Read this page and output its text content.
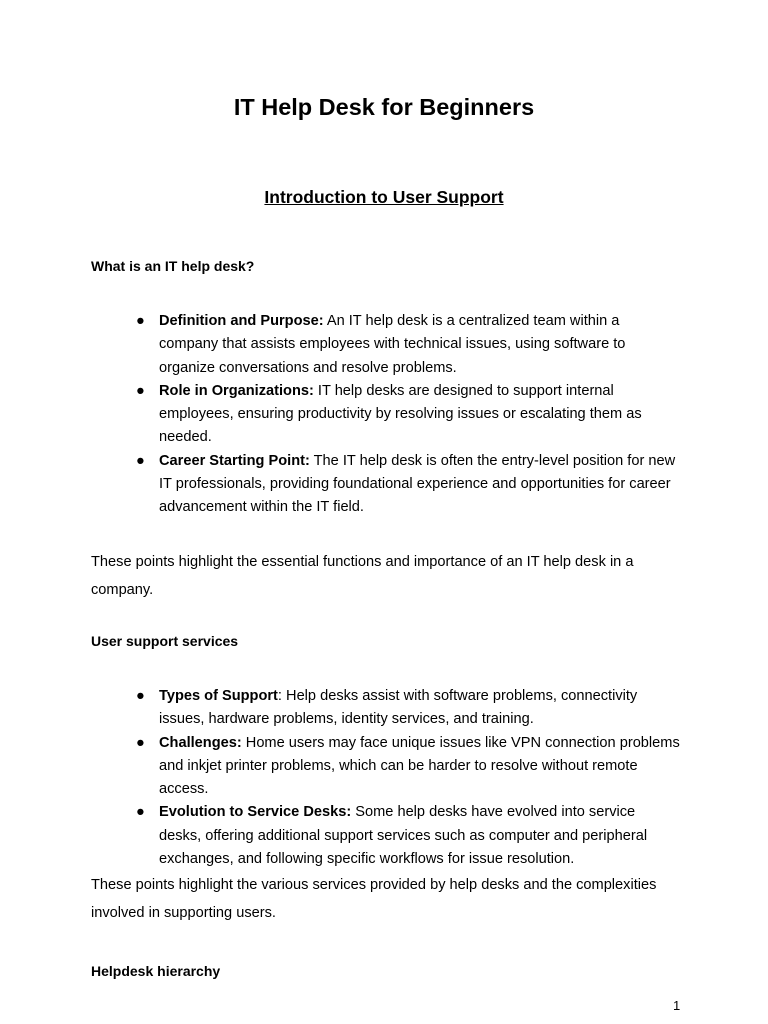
IT Help Desk for Beginners
Introduction to User Support
What is an IT help desk?
● Definition and Purpose: An IT help desk is a centralized team within a company that assists employees with technical issues, using software to organize conversations and resolve problems.
● Role in Organizations: IT help desks are designed to support internal employees, ensuring productivity by resolving issues or escalating them as needed.
● Career Starting Point: The IT help desk is often the entry-level position for new IT professionals, providing foundational experience and opportunities for career advancement within the IT field.

These points highlight the essential functions and importance of an IT help desk in a company.

User support services
● Types of Support: Help desks assist with software problems, connectivity issues, hardware problems, identity services, and training.
● Challenges: Home users may face unique issues like VPN connection problems and inkjet printer problems, which can be harder to resolve without remote access.
● Evolution to Service Desks: Some help desks have evolved into service desks, offering additional support services such as computer and peripheral exchanges, and following specific workflows for issue resolution.

These points highlight the various services provided by help desks and the complexities involved in supporting users.

Helpdesk hierarchy

1
